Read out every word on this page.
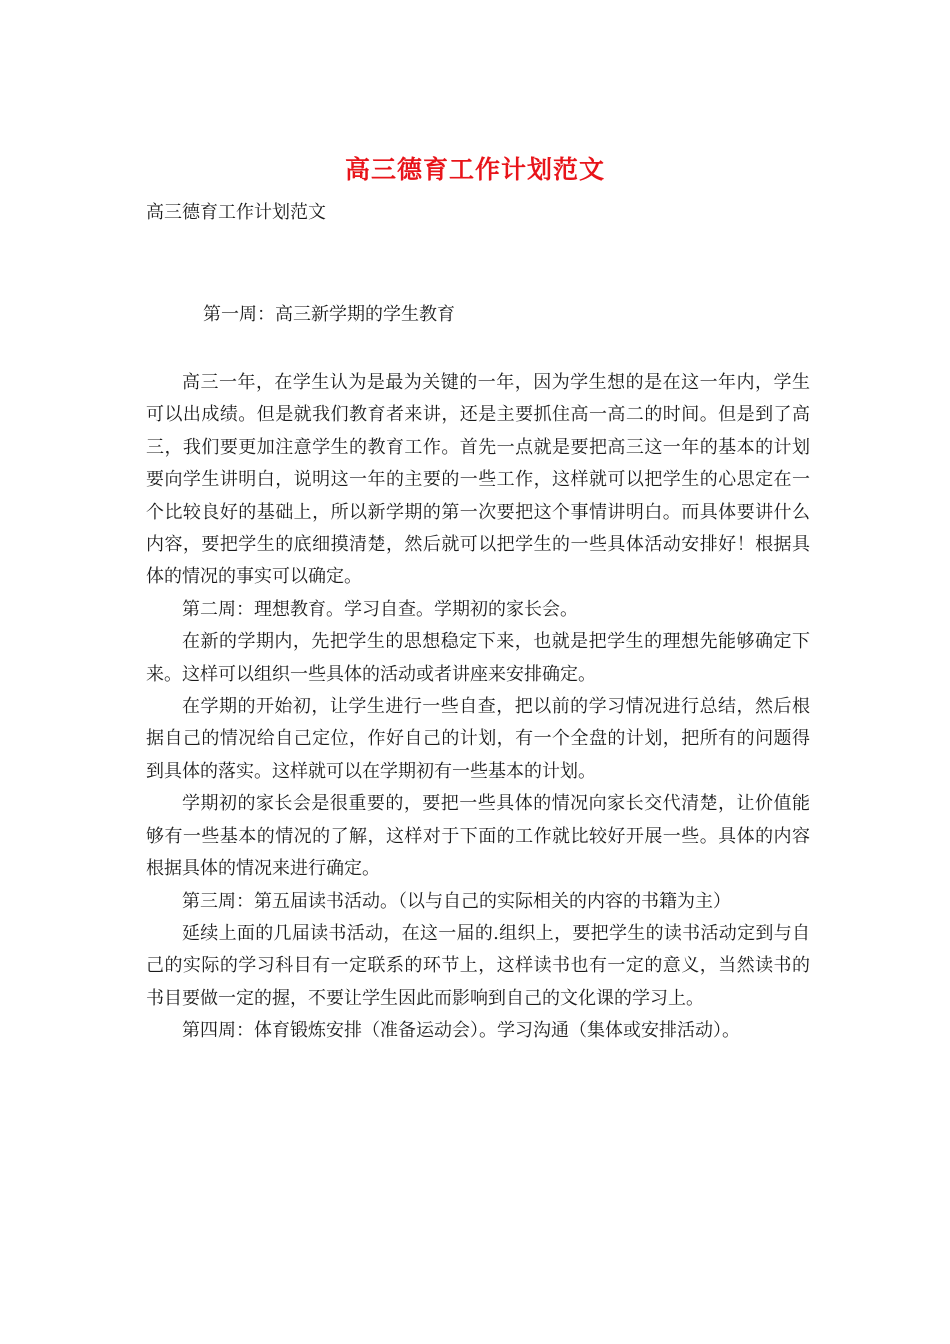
高三德育工作计划范文
高三德育工作计划范文
第一周：高三新学期的学生教育

高三一年，在学生认为是最为关键的一年，因为学生想的是在这一年内，学生可以出成绩。但是就我们教育者来讲，还是主要抓住高一高二的时间。但是到了高三，我们要更加注意学生的教育工作。首先一点就是要把高三这一年的基本的计划要向学生讲明白，说明这一年的主要的一些工作，这样就可以把学生的心思定在一个比较良好的基础上，所以新学期的第一次要把这个事情讲明白。而具体要讲什么内容，要把学生的底细摸清楚，然后就可以把学生的一些具体活动安排好！根据具体的情况的事实可以确定。

第二周：理想教育。学习自查。学期初的家长会。

在新的学期内，先把学生的思想稳定下来，也就是把学生的理想先能够确定下来。这样可以组织一些具体的活动或者讲座来安排确定。

在学期的开始初，让学生进行一些自查，把以前的学习情况进行总结，然后根据自己的情况给自己定位，作好自己的计划，有一个全盘的计划，把所有的问题得到具体的落实。这样就可以在学期初有一些基本的计划。

学期初的家长会是很重要的，要把一些具体的情况向家长交代清楚，让价值能够有一些基本的情况的了解，这样对于下面的工作就比较好开展一些。具体的内容根据具体的情况来进行确定。

第三周：第五届读书活动。（以与自己的实际相关的内容的书籍为主）

延续上面的几届读书活动，在这一届的.组织上，要把学生的读书活动定到与自己的实际的学习科目有一定联系的环节上，这样读书也有一定的意义，当然读书的书目要做一定的握，不要让学生因此而影响到自己的文化课的学习上。

第四周：体育锻炼安排（准备运动会）。学习沟通（集体或安排活动）。
